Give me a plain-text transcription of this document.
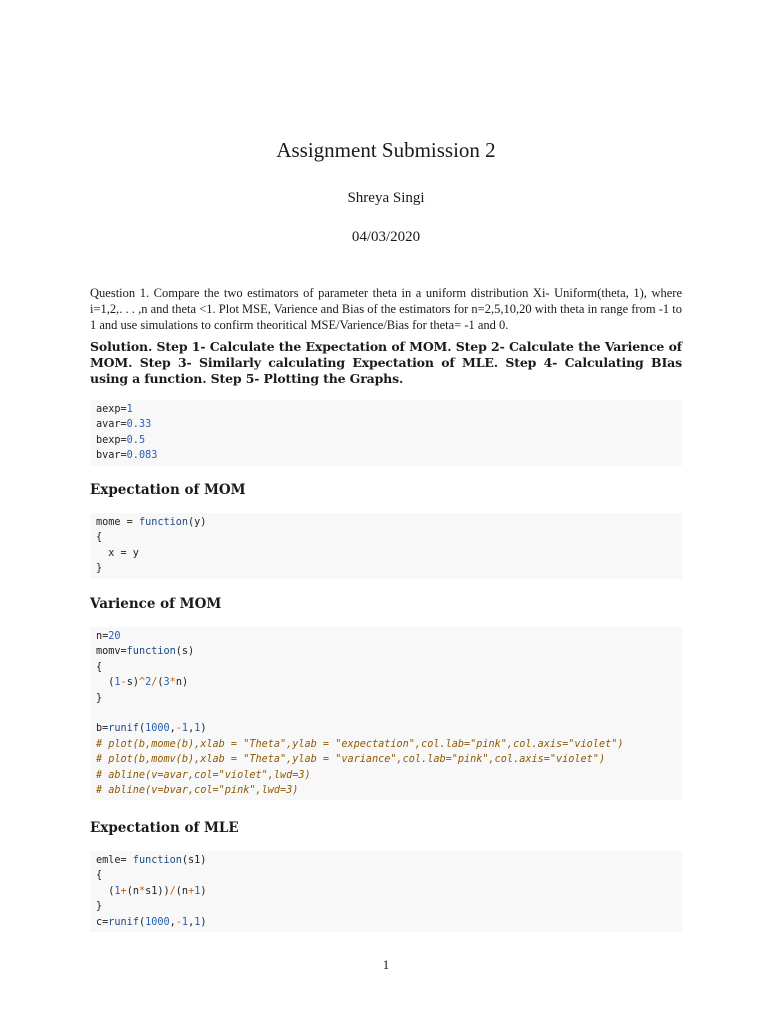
Assignment Submission 2
Shreya Singi
04/03/2020
Question 1. Compare the two estimators of parameter theta in a uniform distribution Xi- Uniform(theta, 1), where i=1,2,. . . ,n and theta <1. Plot MSE, Varience and Bias of the estimators for n=2,5,10,20 with theta in range from -1 to 1 and use simulations to confirm theoritical MSE/Varience/Bias for theta= -1 and 0.
Solution. Step 1- Calculate the Expectation of MOM. Step 2- Calculate the Varience of MOM. Step 3- Similarly calculating Expectation of MLE. Step 4- Calculating BIas using a function. Step 5- Plotting the Graphs.
aexp=1
avar=0.33
bexp=0.5
bvar=0.083
Expectation of MOM
mome = function(y)
{
x = y
}
Varience of MOM
n=20
momv=function(s)
{
(1-s)^2/(3*n)
}
b=runif(1000,-1,1)
# plot(b,mome(b),xlab = "Theta",ylab = "expectation",col.lab="pink",col.axis="violet")
# plot(b,momv(b),xlab = "Theta",ylab = "variance",col.lab="pink",col.axis="violet")
# abline(v=avar,col="violet",lwd=3)
# abline(v=bvar,col="pink",lwd=3)
Expectation of MLE
emle= function(s1)
{
(1+(n*s1))/(n+1)
}
c=runif(1000,-1,1)
1
